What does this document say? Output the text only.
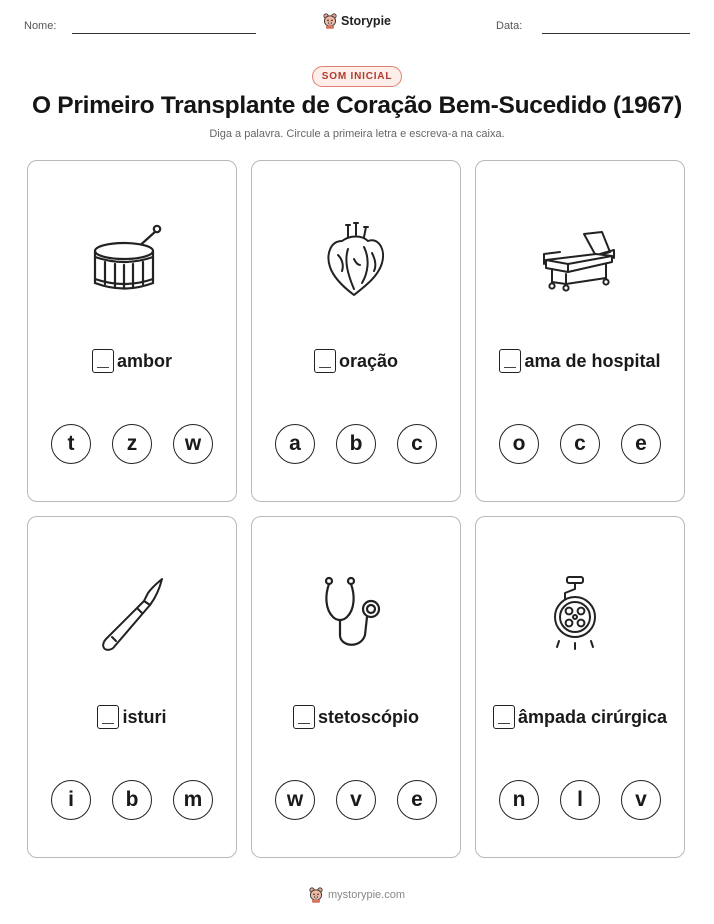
Nome:	Storypie	Data:
SOM INICIAL
O Primeiro Transplante de Coração Bem-Sucedido (1967)
Diga a palavra. Circule a primeira letra e escreva-a na caixa.
ambor
t	z	w
oração
a	b	c
ama de hospital
o	c	e
isturi
i	b	m
stetoscópio
w	v	e
âmpada cirúrgica
n	l	v
mystorypie.com
